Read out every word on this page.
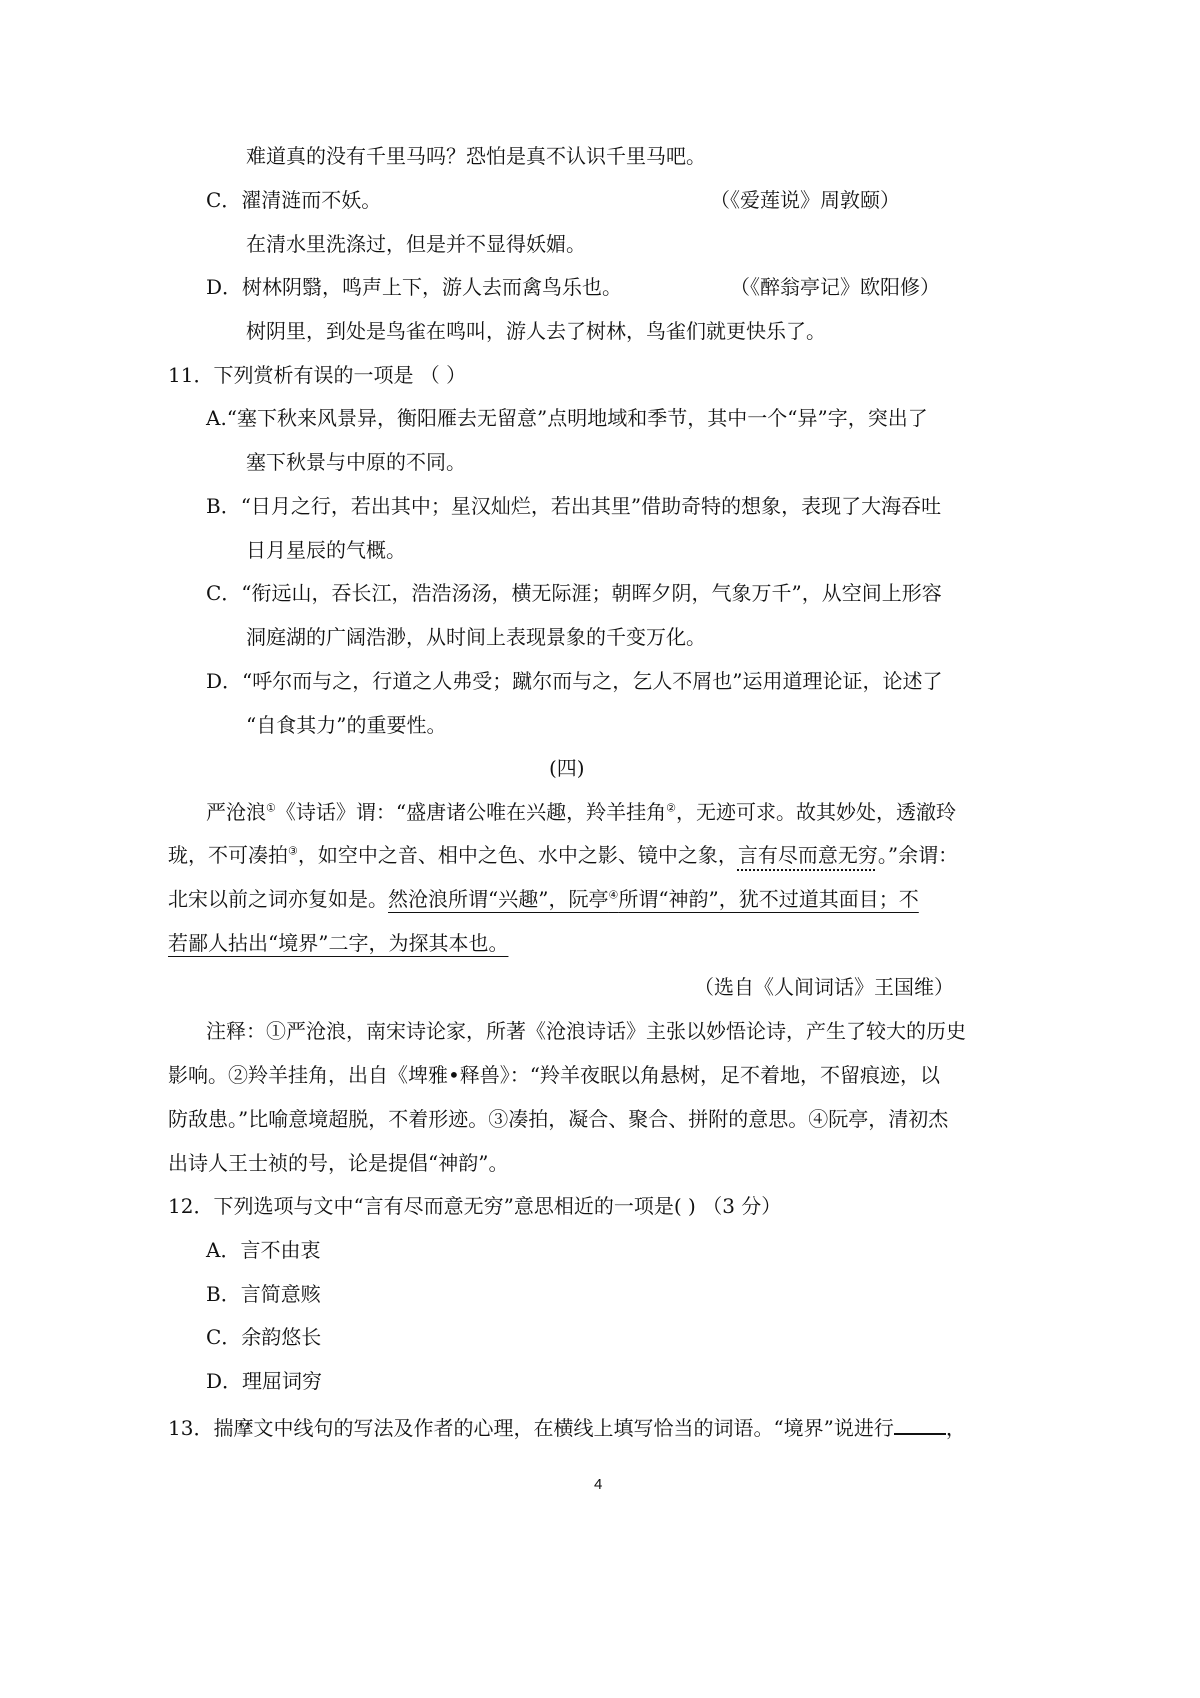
难道真的没有千里马吗？恐怕是真不认识千里马吧。
C．濯清涟而不妖。	（《爱莲说》周敦颐）
在清水里洗涤过，但是并不显得妖媚。
D．树林阴翳，鸣声上下，游人去而禽鸟乐也。	（《醉翁亭记》欧阳修）
树阴里，到处是鸟雀在鸣叫，游人去了树林，鸟雀们就更快乐了。
11．下列赏析有误的一项是 （ ）
A.“塞下秋来风景异，衡阳雁去无留意”点明地域和季节，其中一个“异”字，突出了
塞下秋景与中原的不同。
B．“日月之行，若出其中；星汉灿烂，若出其里”借助奇特的想象，表现了大海吞吐
日月星辰的气概。
C．“衔远山，吞长江，浩浩汤汤，横无际涯；朝晖夕阴，气象万千”，从空间上形容
洞庭湖的广阔浩渺，从时间上表现景象的千变万化。
D．“呼尔而与之，行道之人弗受；蹴尔而与之，乞人不屑也”运用道理论证，论述了
“自食其力”的重要性。
(四)
严沧浪①《诗话》谓：“盛唐诸公唯在兴趣，羚羊挂角②，无迹可求。故其妙处，透澈玲
珑，不可凑拍③，如空中之音、相中之色、水中之影、镜中之象，言有尽而意无穷。”余谓：
北宋以前之词亦复如是。然沧浪所谓“兴趣”，阮亭④所谓“神韵”，犹不过道其面目；不
若鄙人拈出“境界”二字，为探其本也。
（选自《人间词话》王国维）
注释：①严沧浪，南宋诗论家，所著《沧浪诗话》主张以妙悟论诗，产生了较大的历史
影响。②羚羊挂角，出自《埤雅•释兽》：“羚羊夜眠以角悬树，足不着地，不留痕迹，以
防敌患。”比喻意境超脱，不着形迹。③凑拍，凝合、聚合、拼附的意思。④阮亭，清初杰
出诗人王士祯的号，论是提倡“神韵”。
12．下列选项与文中“言有尽而意无穷”意思相近的一项是( ) （3 分）
A．言不由衷
B．言简意赅
C．余韵悠长
D．理屈词穷
13．揣摩文中线句的写法及作者的心理，在横线上填写恰当的词语。“境界”说进行	，
4
